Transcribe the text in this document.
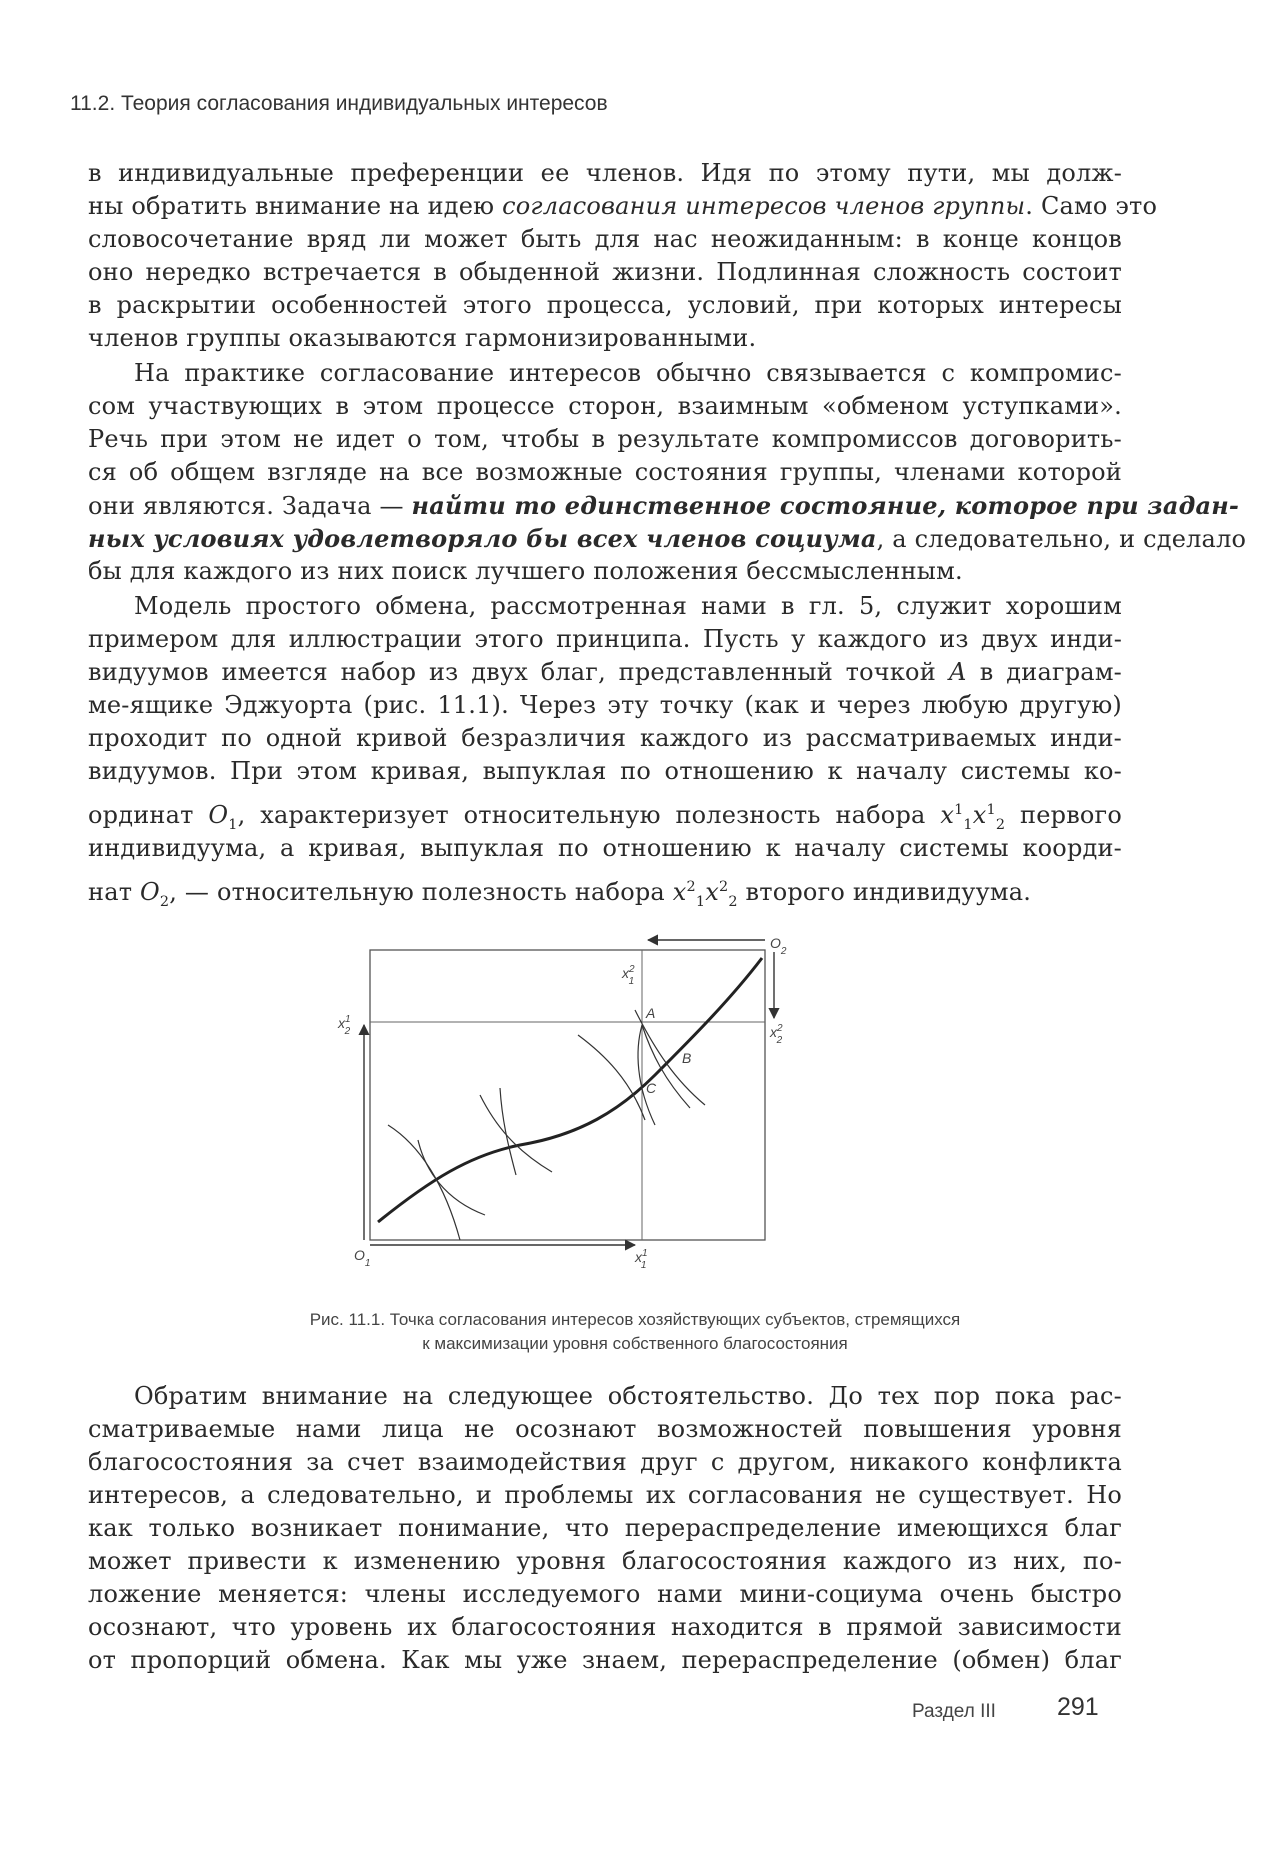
11.2. Теория согласования индивидуальных интересов
в индивидуальные преференции ее членов. Идя по этому пути, мы долж-
ны обратить внимание на идею согласования интересов членов группы. Само это
словосочетание вряд ли может быть для нас неожиданным: в конце концов
оно нередко встречается в обыденной жизни. Подлинная сложность состоит
в раскрытии особенностей этого процесса, условий, при которых интересы
членов группы оказываются гармонизированными.
На практике согласование интересов обычно связывается с компромис-
сом участвующих в этом процессе сторон, взаимным «обменом уступками».
Речь при этом не идет о том, чтобы в результате компромиссов договорить-
ся об общем взгляде на все возможные состояния группы, членами которой
они являются. Задача — найти то единственное состояние, которое при задан-
ных условиях удовлетворяло бы всех членов социума, а следовательно, и сделало
бы для каждого из них поиск лучшего положения бессмысленным.
Модель простого обмена, рассмотренная нами в гл. 5, служит хорошим
примером для иллюстрации этого принципа. Пусть у каждого из двух инди-
видуумов имеется набор из двух благ, представленный точкой А в диаграм-
ме-ящике Эджуорта (рис. 11.1). Через эту точку (как и через любую другую)
проходит по одной кривой безразличия каждого из рассматриваемых инди-
видуумов. При этом кривая, выпуклая по отношению к началу системы ко-
ординат $O_1$, характеризует относительную полезность набора $x^1_1x^1_2$ первого
индивидуума, а кривая, выпуклая по отношению к началу системы коорди-
нат $O_2$, — относительную полезность набора $x^2_1x^2_2$ второго индивидуума.
$x^1$ 2	$x^2$ 2
$x^2$ 1
$x^1$ 1
$O_1$
$O_2$
A
B
C
Рис. 11.1. Точка согласования интересов хозяйствующих субъектов, стремящихся
к максимизации уровня собственного благосостояния
Обратим внимание на следующее обстоятельство. До тех пор пока рас-
сматриваемые нами лица не осознают возможностей повышения уровня
благосостояния за счет взаимодействия друг с другом, никакого конфликта
интересов, а следовательно, и проблемы их согласования не существует. Но
как только возникает понимание, что перераспределение имеющихся благ
может привести к изменению уровня благосостояния каждого из них, по-
ложение меняется: члены исследуемого нами мини-социума очень быстро
осознают, что уровень их благосостояния находится в прямой зависимости
от пропорций обмена. Как мы уже знаем, перераспределение (обмен) благ
Раздел III 291
